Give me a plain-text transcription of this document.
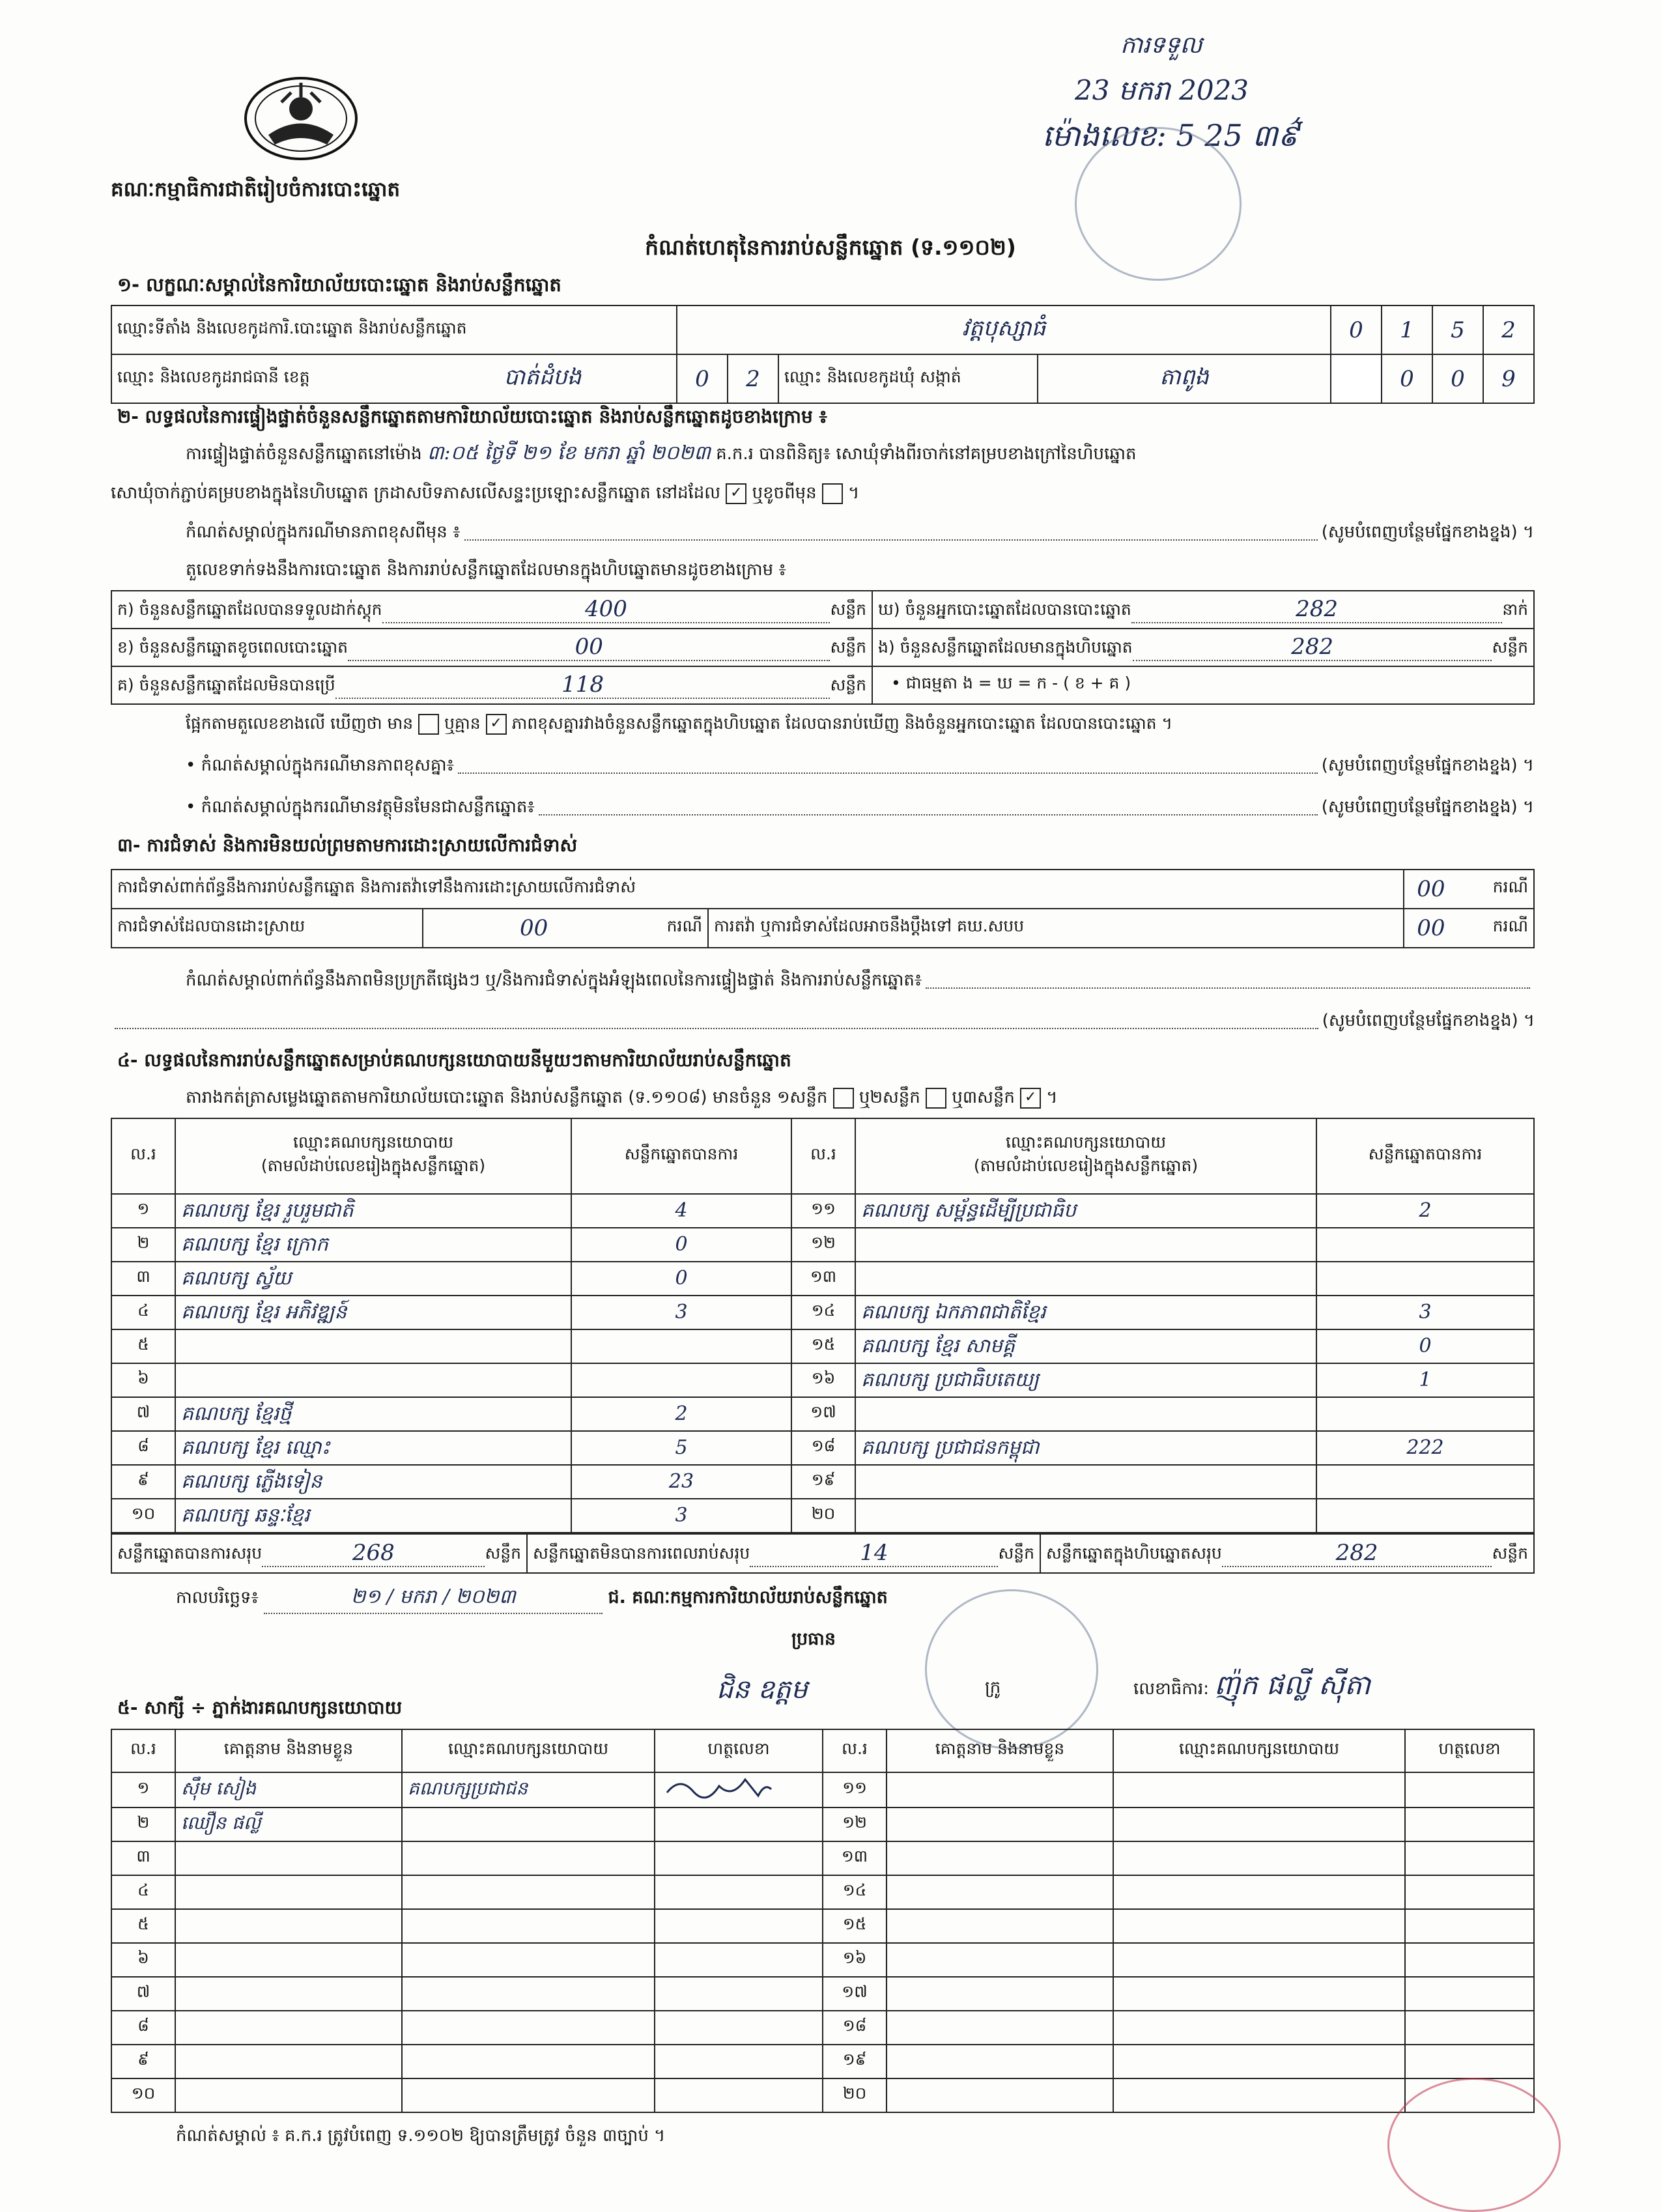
គណៈកម្មាធិការជាតិរៀបចំការបោះឆ្នោត
ការទទួល
23 មករា 2023
ម៉ោងលេខ: 5 25 ៣៩៌
កំណត់ហេតុនៃការរាប់សន្លឹកឆ្នោត (ទ.១១០២)
១- លក្ខណៈសម្គាល់នៃការិយាល័យបោះឆ្នោត និងរាប់សន្លឹកឆ្នោត
ឈ្មោះទីតាំង និងលេខកូដការិ.បោះឆ្នោត និងរាប់សន្លឹកឆ្នោត	វត្តបុស្សាធំ				0	1	5	2

ឈ្មោះ និងលេខកូដរាជធានី ខេត្ត បាត់ដំបង	0	2	ឈ្មោះ និងលេខកូដឃុំ សង្កាត់	តាពូង		0	0	9
២- លទ្ធផលនៃការផ្ទៀងផ្ទាត់ចំនួនសន្លឹកឆ្នោតតាមការិយាល័យបោះឆ្នោត និងរាប់សន្លឹកឆ្នោតដូចខាងក្រោម ៖
ការផ្ទៀងផ្ទាត់ចំនួនសន្លឹកឆ្នោតនៅម៉ោង ៣:០៥ ថ្ងៃទី ២១ ខែ មករា ឆ្នាំ ២០២៣ គ.ក.រ បានពិនិត្យ៖ សោឃុំទាំងពីរចាក់នៅគម្របខាងក្រៅនៃហិបឆ្នោត
សោឃុំចាក់ភ្ជាប់គម្របខាងក្នុងនៃហិបឆ្នោត ក្រដាសបិទភាសលើសន្ទះប្រឡោះសន្លឹកឆ្នោត នៅដដែល ✓ ឬខូចពីមុន  ។
កំណត់សម្គាល់ក្នុងករណីមានភាពខុសពីមុន ៖	(សូមបំពេញបន្ថែមផ្នែកខាងខ្នង) ។
តួលេខទាក់ទងនឹងការបោះឆ្នោត និងការរាប់សន្លឹកឆ្នោតដែលមានក្នុងហិបឆ្នោតមានដូចខាងក្រោម ៖
ក) ចំនួនសន្លឹកឆ្នោតដែលបានទទួលដាក់ស្តុក 400 សន្លឹក	ឃ) ចំនួនអ្នកបោះឆ្នោតដែលបានបោះឆ្នោត 282 នាក់

ខ) ចំនួនសន្លឹកឆ្នោតខូចពេលបោះឆ្នោត 00 សន្លឹក	ង) ចំនួនសន្លឹកឆ្នោតដែលមានក្នុងហិបឆ្នោត 282 សន្លឹក

គ) ចំនួនសន្លឹកឆ្នោតដែលមិនបានប្រើ 118 សន្លឹក	• ជាធម្មតា ង = ឃ = ក - ( ខ + គ )
ផ្អែកតាមតួលេខខាងលើ ឃើញថា មាន ឬគ្មាន ✓ ភាពខុសគ្នារវាងចំនួនសន្លឹកឆ្នោតក្នុងហិបឆ្នោត ដែលបានរាប់ឃើញ និងចំនួនអ្នកបោះឆ្នោត ដែលបានបោះឆ្នោត ។
• កំណត់សម្គាល់ក្នុងករណីមានភាពខុសគ្នា៖	(សូមបំពេញបន្ថែមផ្នែកខាងខ្នង) ។
• កំណត់សម្គាល់ក្នុងករណីមានវត្ថុមិនមែនជាសន្លឹកឆ្នោត៖	(សូមបំពេញបន្ថែមផ្នែកខាងខ្នង) ។
៣- ការជំទាស់ និងការមិនយល់ព្រមតាមការដោះស្រាយលើការជំទាស់
ការជំទាស់ពាក់ព័ន្ធនឹងការរាប់សន្លឹកឆ្នោត និងការតវ៉ាទៅនឹងការដោះស្រាយលើការជំទាស់			00	ករណី
ការជំទាស់ដែលបានដោះស្រាយ	00 ករណី	ការតវ៉ា ឬការជំទាស់ដែលអាចនឹងប្តឹងទៅ គឃ.សបប	00	ករណី
កំណត់សម្គាល់ពាក់ព័ន្ធនឹងភាពមិនប្រក្រតីផ្សេងៗ ឬ/និងការជំទាស់ក្នុងអំឡុងពេលនៃការផ្ទៀងផ្ទាត់ និងការរាប់សន្លឹកឆ្នោត៖
(សូមបំពេញបន្ថែមផ្នែកខាងខ្នង) ។
៤- លទ្ធផលនៃការរាប់សន្លឹកឆ្នោតសម្រាប់គណបក្សនយោបាយនីមួយៗតាមការិយាល័យរាប់សន្លឹកឆ្នោត
តារាងកត់ត្រាសម្លេងឆ្នោតតាមការិយាល័យបោះឆ្នោត និងរាប់សន្លឹកឆ្នោត (ទ.១១០៨) មានចំនួន ១សន្លឹក ឬ២សន្លឹក ឬ៣សន្លឹក ✓ ។
ល.រ	ឈ្មោះគណបក្សនយោបាយ
(តាមលំដាប់លេខរៀងក្នុងសន្លឹកឆ្នោត)	សន្លឹកឆ្នោតបានការ	ល.រ	ឈ្មោះគណបក្សនយោបាយ
(តាមលំដាប់លេខរៀងក្នុងសន្លឹកឆ្នោត)	សន្លឹកឆ្នោតបានការ
១	គណបក្ស ខ្មែរ រួបរួមជាតិ	4	១១	គណបក្ស សម្ព័ន្ធដើម្បីប្រជាធិប	2
២	គណបក្ស ខ្មែរ ក្រោក	0	១២		
៣	គណបក្ស ស្វ័យ	0	១៣		
៤	គណបក្ស ខ្មែរ អភិវឌ្ឍន៍	3	១៤	គណបក្ស ឯកភាពជាតិខ្មែរ	3
៥			១៥	គណបក្ស ខ្មែរ សាមគ្គី	0
៦			១៦	គណបក្ស ប្រជាធិបតេយ្យ	1
៧	គណបក្ស ខ្មែរថ្មី	2	១៧		
៨	គណបក្ស ខ្មែរ ឈ្មោះ	5	១៨	គណបក្ស ប្រជាជនកម្ពុជា	222
៩	គណបក្ស ភ្លើងទៀន	23	១៩		
១០	គណបក្ស ឆន្ទៈខ្មែរ	3	២០		
សន្លឹកឆ្នោតបានការសរុប	268	សន្លឹក	សន្លឹកឆ្នោតមិនបានការពេលរាប់សរុប	14	សន្លឹក	សន្លឹកឆ្នោតក្នុងហិបឆ្នោតសរុប	282	សន្លឹក
កាលបរិច្ឆេទ៖	២១ / មករា / ២០២៣	ជ. គណៈកម្មការការិយាល័យរាប់សន្លឹកឆ្នោត
ប្រធាន
ជិន ឧត្តម	ក្រូ	លេខាធិការ: ញ៉ុក ផល្លី ស៊ីតា
៥- សាក្សី ÷ ភ្នាក់ងារគណបក្សនយោបាយ
ល.រ	គោត្តនាម និងនាមខ្លួន	ឈ្មោះគណបក្សនយោបាយ	ហត្ថលេខា	ល.រ	គោត្តនាម និងនាមខ្លួន	ឈ្មោះគណបក្សនយោបាយ	ហត្ថលេខា
១	ស៊ឹម សៀង	គណបក្សប្រជាជន		១១			
២	ឈឿន ផល្លី			១២			
៣				១៣			
៤				១៤			
៥				១៥			
៦				១៦			
៧				១៧			
៨				១៨			
៩				១៩			
១០				២០			
កំណត់សម្គាល់ ៖ គ.ក.រ ត្រូវបំពេញ ទ.១១០២ ឱ្យបានត្រឹមត្រូវ ចំនួន ៣ច្បាប់ ។
